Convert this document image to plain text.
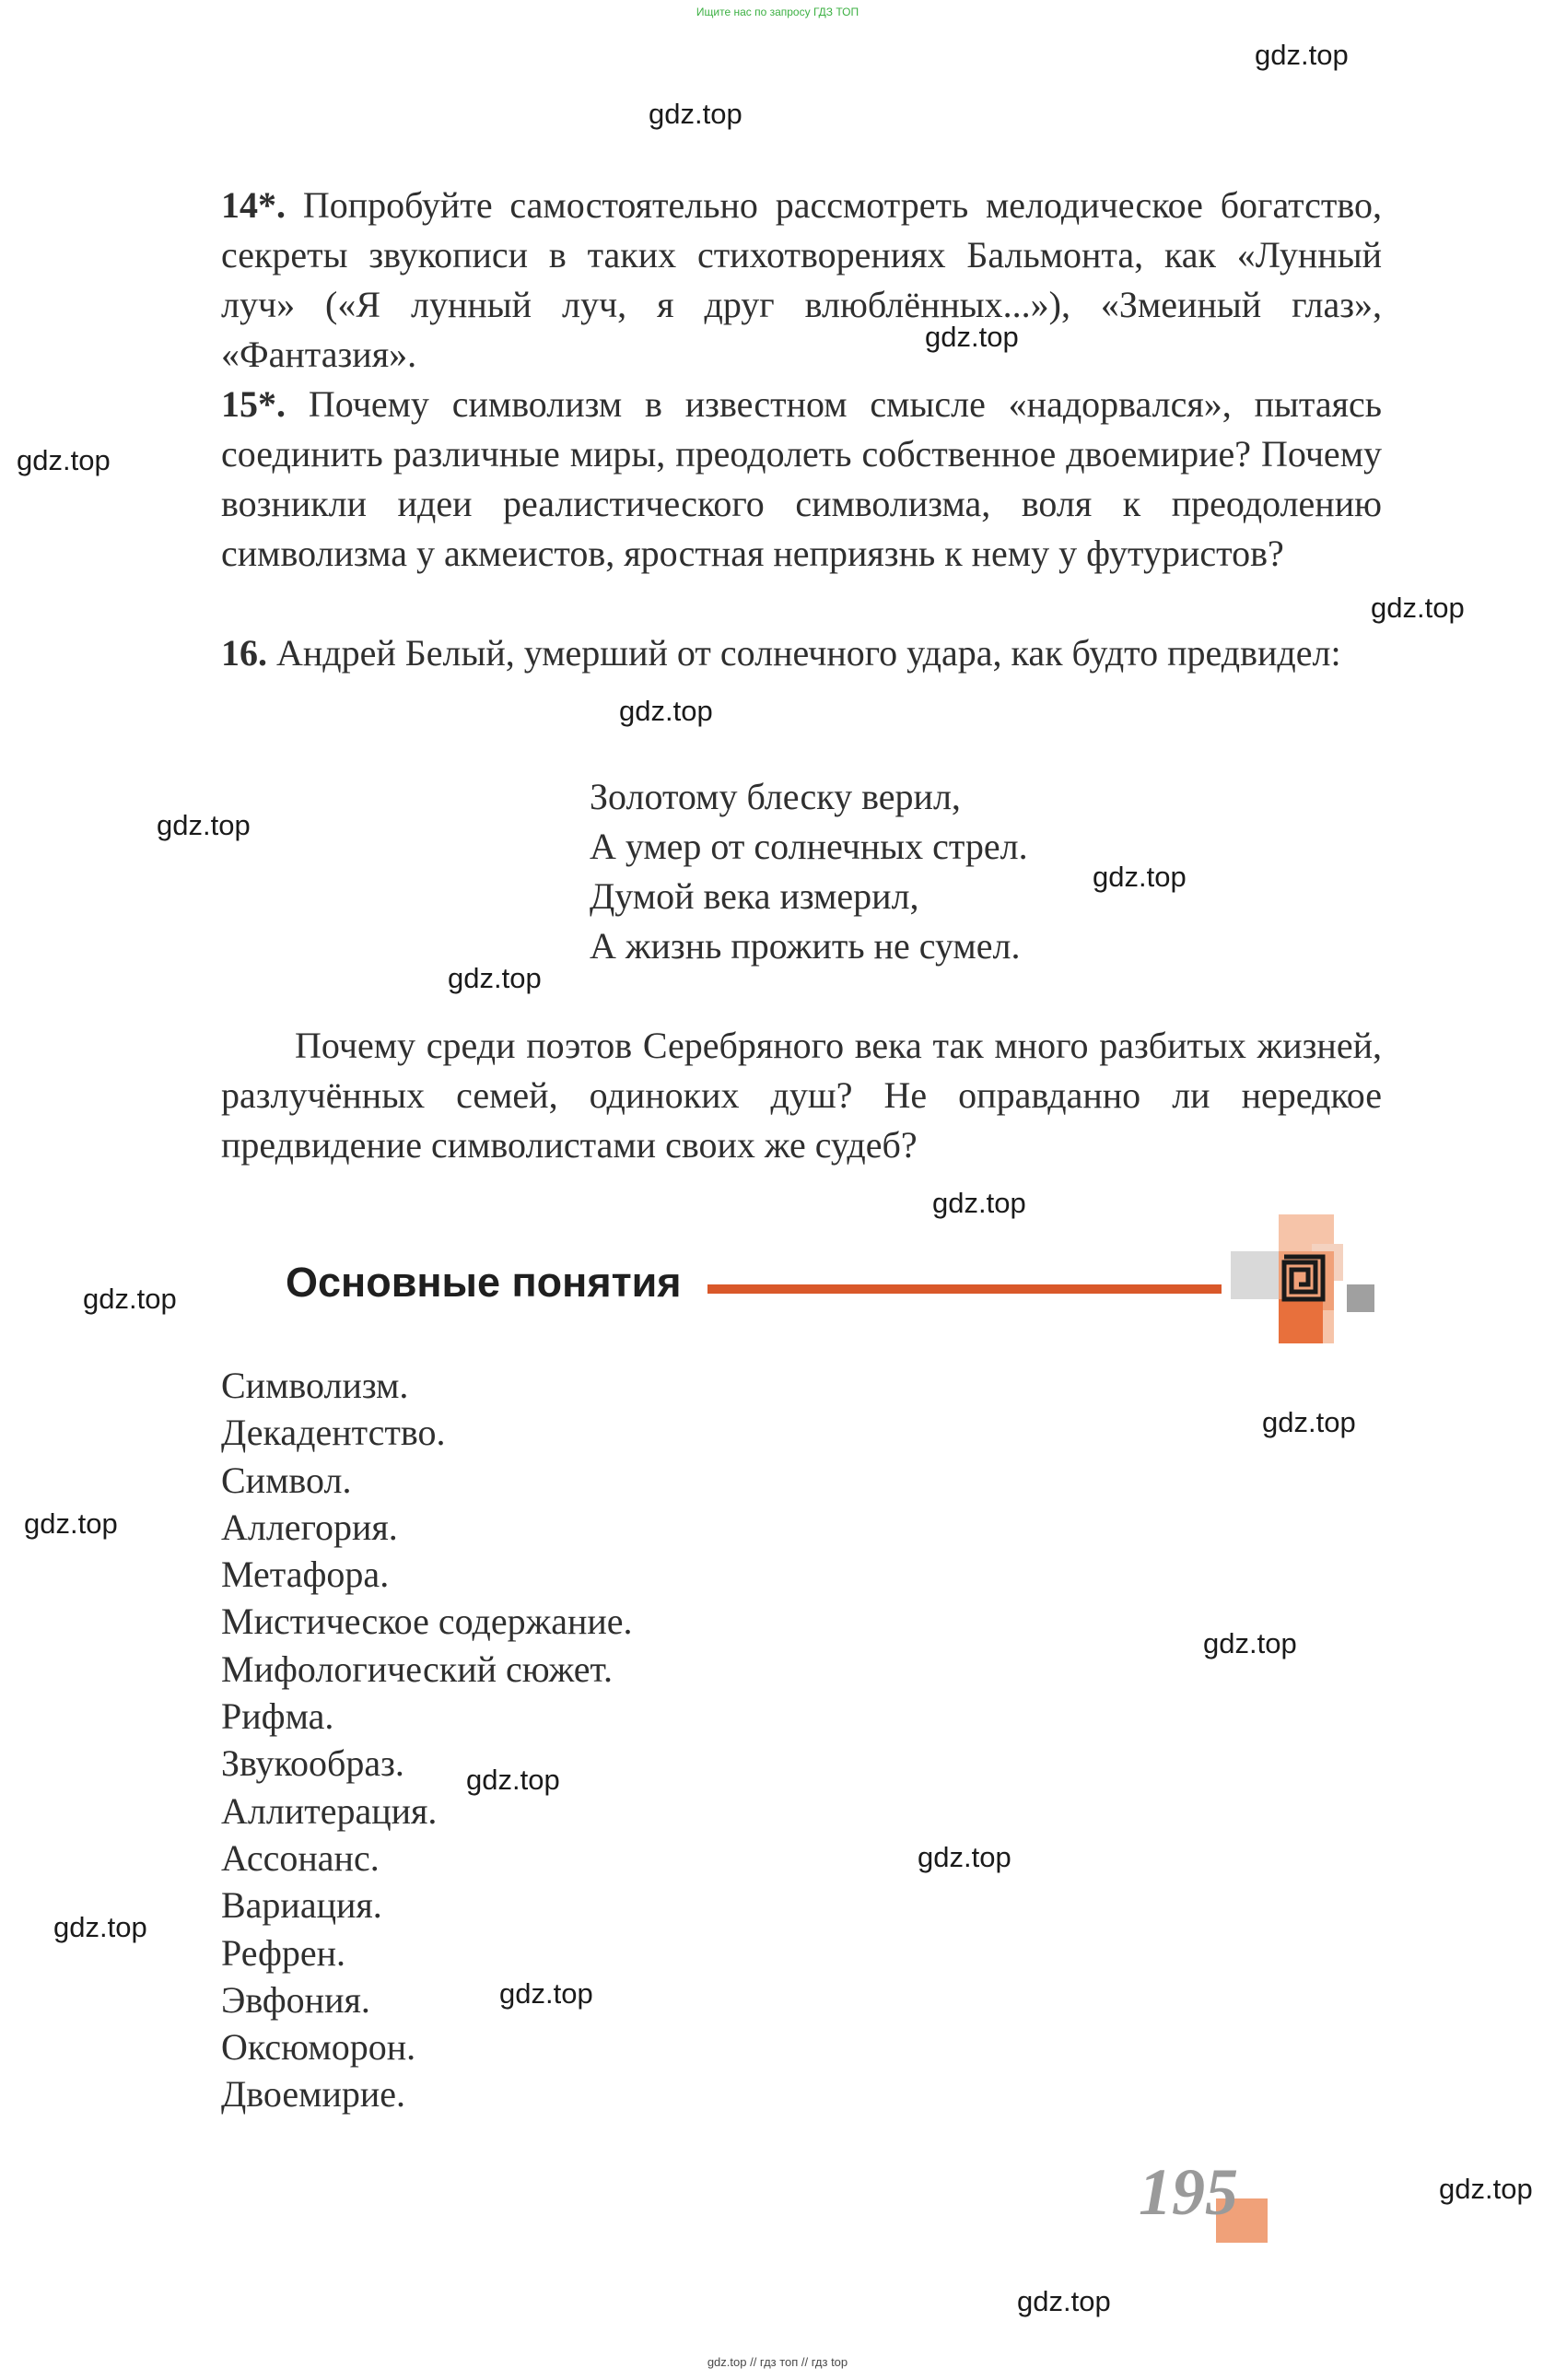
Ищите нас по запросу ГДЗ ТОП
gdz.top
gdz.top
gdz.top
gdz.top
gdz.top
gdz.top
gdz.top
gdz.top
gdz.top
gdz.top
gdz.top
gdz.top
gdz.top
gdz.top
gdz.top
gdz.top
gdz.top
gdz.top
gdz.top
gdz.top

14*. Попробуйте самостоятельно рассмотреть мелодическое богатство, секреты звукописи в таких стихотворениях Бальмонта, как «Лунный луч» («Я лунный луч, я друг влюблённых...»), «Змеиный глаз», «Фантазия».

15*. Почему символизм в известном смысле «надорвался», пытаясь соединить различные миры, преодолеть собственное двоемирие? Почему возникли идеи реалистического символизма, воля к преодолению символизма у акмеистов, яростная неприязнь к нему у футуристов?

16. Андрей Белый, умерший от солнечного удара, как будто предвидел:

Золотому блеску верил,
А умер от солнечных стрел.
Думой века измерил,
А жизнь прожить не сумел.

Почему среди поэтов Серебряного века так много разбитых жизней, разлучённых семей, одиноких душ? Не оправданно ли нередкое предвидение символистами своих же судеб?

Основные понятия
Символизм.
Декадентство.
Символ.
Аллегория.
Метафора.
Мистическое содержание.
Мифологический сюжет.
Рифма.
Звукообраз.
Аллитерация.
Ассонанс.
Вариация.
Рефрен.
Эвфония.
Оксюморон.
Двоемирие.
195
gdz.top // гдз топ // гдз top
